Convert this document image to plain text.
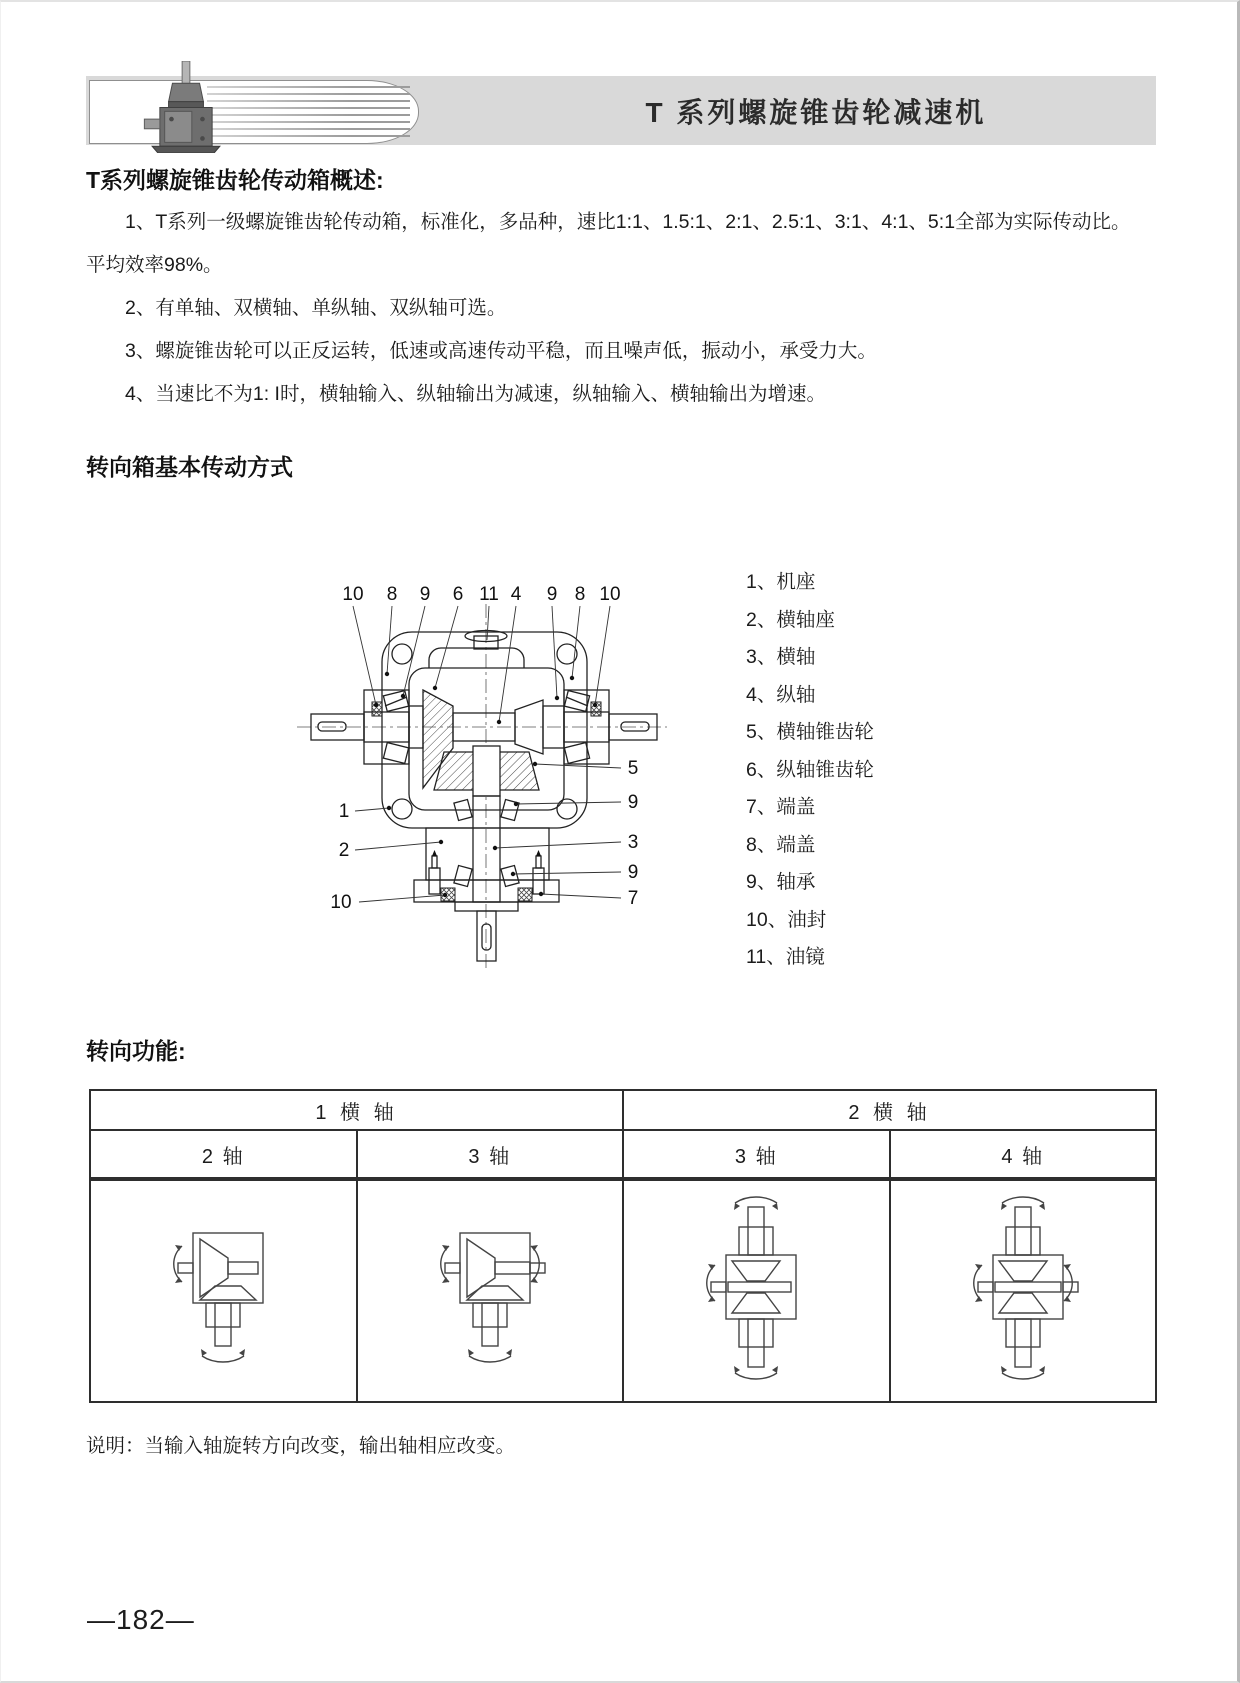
T 系列螺旋锥齿轮减速机
T系列螺旋锥齿轮传动箱概述:

1、T系列一级螺旋锥齿轮传动箱，标准化，多品种，速比1:1、1.5:1、2:1、2.5:1、3:1、4:1、5:1全部为实际传动比。

平均效率98%。

2、有单轴、双横轴、单纵轴、双纵轴可选。

3、螺旋锥齿轮可以正反运转，低速或高速传动平稳，而且噪声低，振动小，承受力大。

4、当速比不为1: I时，横轴输入、纵轴输出为减速，纵轴输入、横轴输出为增速。

转向箱基本传动方式
10 8 9 6 11 4 9 8 10
1
2
10
5
9
3
9
7
1、机座
2、横轴座
3、横轴
4、纵轴
5、横轴锥齿轮
6、纵轴锥齿轮
7、端盖
8、端盖
9、轴承
10、油封
11、油镜
转向功能:
1 横 轴		2 横 轴	
2 轴	3 轴	3 轴	4 轴

说明：当输入轴旋转方向改变，输出轴相应改变。
—182—
